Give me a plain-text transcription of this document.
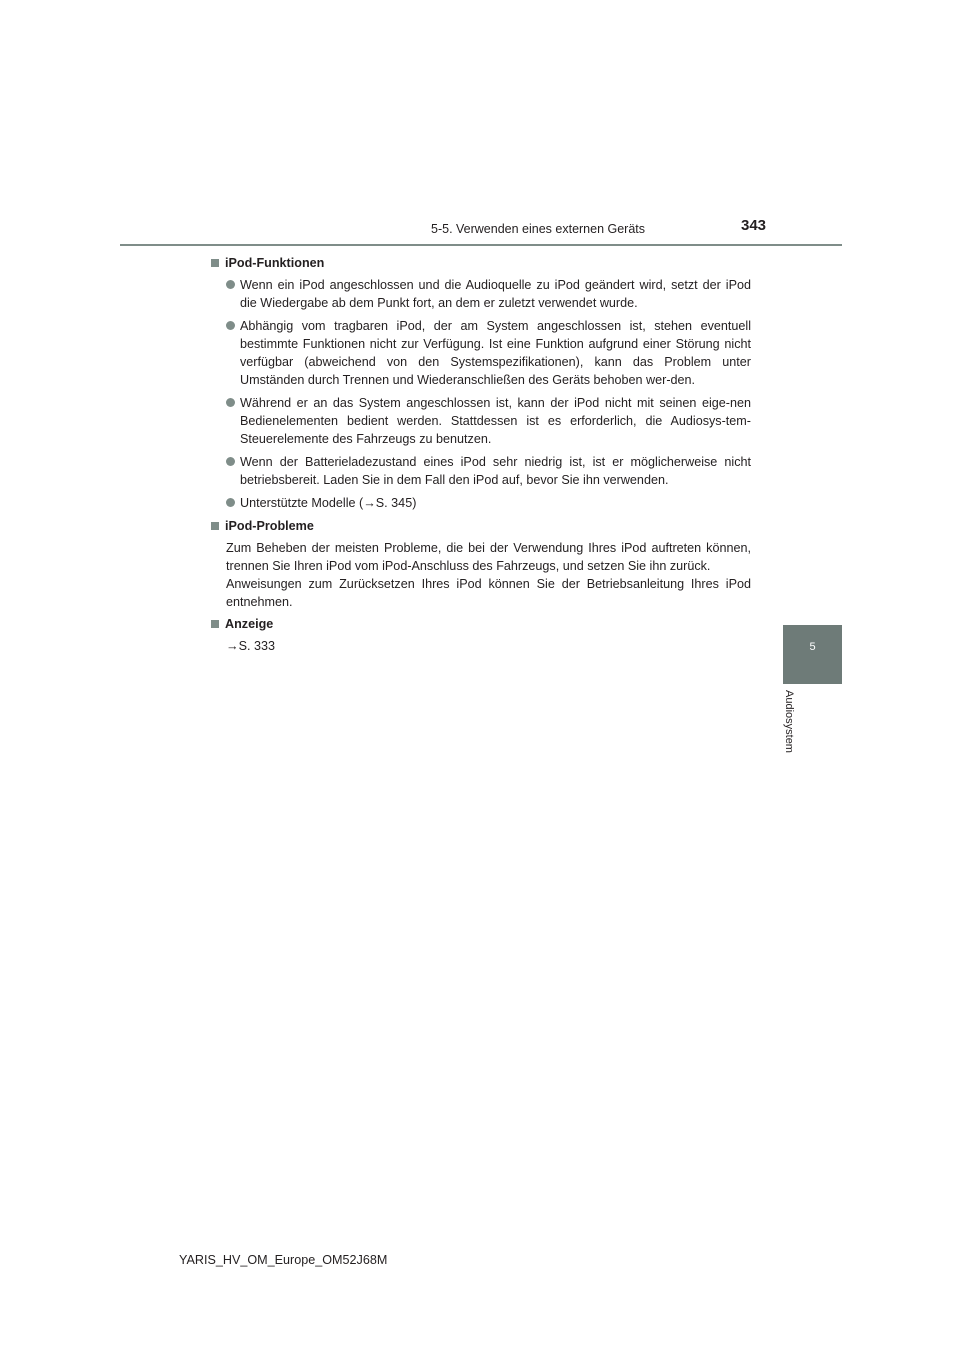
5-5. Verwenden eines externen Geräts	343
5
Audiosystem
iPod-Funktionen
Wenn ein iPod angeschlossen und die Audioquelle zu iPod geändert wird, setzt der iPod die Wiedergabe ab dem Punkt fort, an dem er zuletzt verwendet wurde.
Abhängig vom tragbaren iPod, der am System angeschlossen ist, stehen eventuell bestimmte Funktionen nicht zur Verfügung. Ist eine Funktion aufgrund einer Störung nicht verfügbar (abweichend von den Systemspezifikationen), kann das Problem unter Umständen durch Trennen und Wiederanschließen des Geräts behoben wer-den.
Während er an das System angeschlossen ist, kann der iPod nicht mit seinen eige-nen Bedienelementen bedient werden. Stattdessen ist es erforderlich, die Audiosys-tem-Steuerelemente des Fahrzeugs zu benutzen.
Wenn der Batterieladezustand eines iPod sehr niedrig ist, ist er möglicherweise nicht betriebsbereit. Laden Sie in dem Fall den iPod auf, bevor Sie ihn verwenden.
Unterstützte Modelle (→S. 345)
iPod-Probleme
Zum Beheben der meisten Probleme, die bei der Verwendung Ihres iPod auftreten können, trennen Sie Ihren iPod vom iPod-Anschluss des Fahrzeugs, und setzen Sie ihn zurück.
Anweisungen zum Zurücksetzen Ihres iPod können Sie der Betriebsanleitung Ihres iPod entnehmen.
Anzeige
→S. 333
YARIS_HV_OM_Europe_OM52J68M
